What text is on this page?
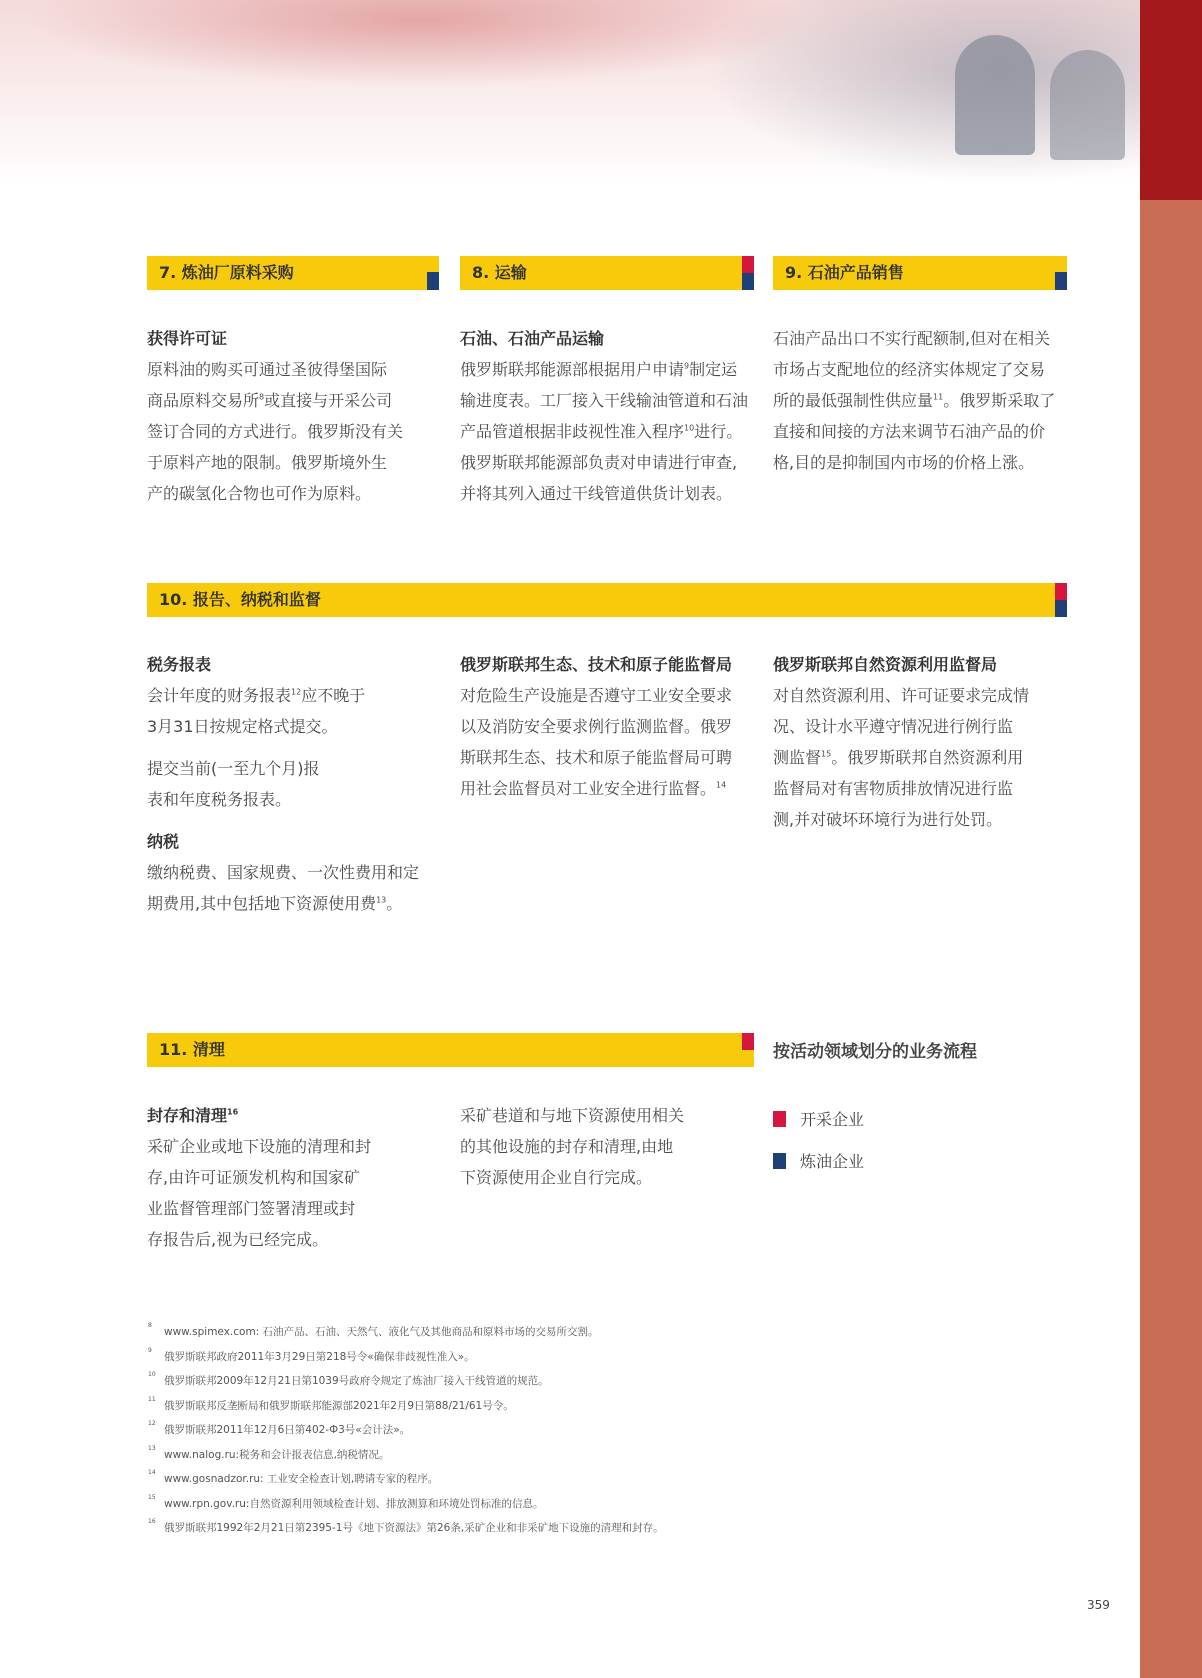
7. 炼油厂原料采购

获得许可证

原料油的购买可通过圣彼得堡国际

商品原料交易所$^8$或直接与开采公司

签订合同的方式进行。俄罗斯没有关

于原料产地的限制。俄罗斯境外生

产的碳氢化合物也可作为原料。

8. 运输

石油、石油产品运输

俄罗斯联邦能源部根据用户申请$^9$制定运

输进度表。工厂接入干线输油管道和石油

产品管道根据非歧视性准入程序$^{10}$进行。

俄罗斯联邦能源部负责对申请进行审查,

并将其列入通过干线管道供货计划表。

9. 石油产品销售

石油产品出口不实行配额制,但对在相关

市场占支配地位的经济实体规定了交易

所的最低强制性供应量$^{11}$。俄罗斯采取了

直接和间接的方法来调节石油产品的价

格,目的是抑制国内市场的价格上涨。

10. 报告、纳税和监督

税务报表

会计年度的财务报表$^{12}$应不晚于

3月31日按规定格式提交。

提交当前(一至九个月)报

表和年度税务报表。

纳税

缴纳税费、国家规费、一次性费用和定

期费用,其中包括地下资源使用费$^{13}$。

俄罗斯联邦生态、技术和原子能监督局

对危险生产设施是否遵守工业安全要求

以及消防安全要求例行监测监督。俄罗

斯联邦生态、技术和原子能监督局可聘

用社会监督员对工业安全进行监督。$^{14}$

俄罗斯联邦自然资源利用监督局

对自然资源利用、许可证要求完成情

况、设计水平遵守情况进行例行监

测监督$^{15}$。俄罗斯联邦自然资源利用

监督局对有害物质排放情况进行监

测,并对破坏环境行为进行处罚。

11. 清理

封存和清理$^{16}$

采矿企业或地下设施的清理和封

存,由许可证颁发机构和国家矿

业监督管理部门签署清理或封

存报告后,视为已经完成。

采矿巷道和与地下资源使用相关

的其他设施的封存和清理,由地

下资源使用企业自行完成。

按活动领域划分的业务流程
开采企业
炼油企业
8
www.spimex.com: 石油产品、石油、天然气、液化气及其他商品和原料市场的交易所交割。
9
俄罗斯联邦政府2011年3月29日第218号令«确保非歧视性准入»。
10
俄罗斯联邦2009年12月21日第1039号政府令规定了炼油厂接入干线管道的规范。
11
俄罗斯联邦反垄断局和俄罗斯联邦能源部2021年2月9日第88/21/61号令。
12
俄罗斯联邦2011年12月6日第402-Ф3号«会计法»。
13
www.nalog.ru:税务和会计报表信息,纳税情况。
14
www.gosnadzor.ru: 工业安全检查计划,聘请专家的程序。
15
www.rpn.gov.ru:自然资源利用领域检查计划、排放测算和环境处罚标准的信息。
16
俄罗斯联邦1992年2月21日第2395-1号《地下资源法》第26条,采矿企业和非采矿地下设施的清理和封存。
359
